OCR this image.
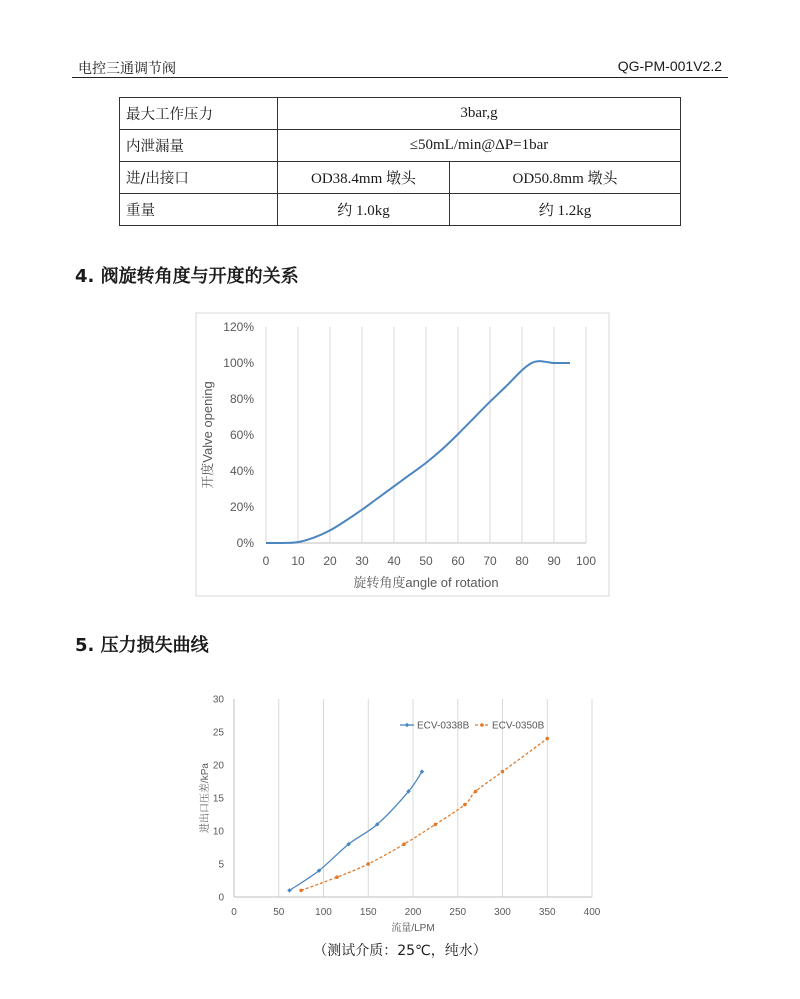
电控三通调节阀	QG-PM-001V2.2
最大工作压力	3bar,g	
内泄漏量	≤50mL/min@ΔP=1bar	
进/出接口	OD38.4mm 墩头	OD50.8mm 墩头
重量	约 1.0kg	约 1.2kg
4. 阀旋转角度与开度的关系
0 10 20 30 40 50 60 70 80 90 100
0%
20%
40%
60%
80%
100%
120%
旋转角度angle of rotation
开度Valve opening
0	50	100	150	200	250	300	350	400
0
5
10
15
20
25
30
流量/LPM
进出口压差/kPa
ECV-0338B ECV-0350B
5. 压力损失曲线
（测试介质：25℃，纯水）
